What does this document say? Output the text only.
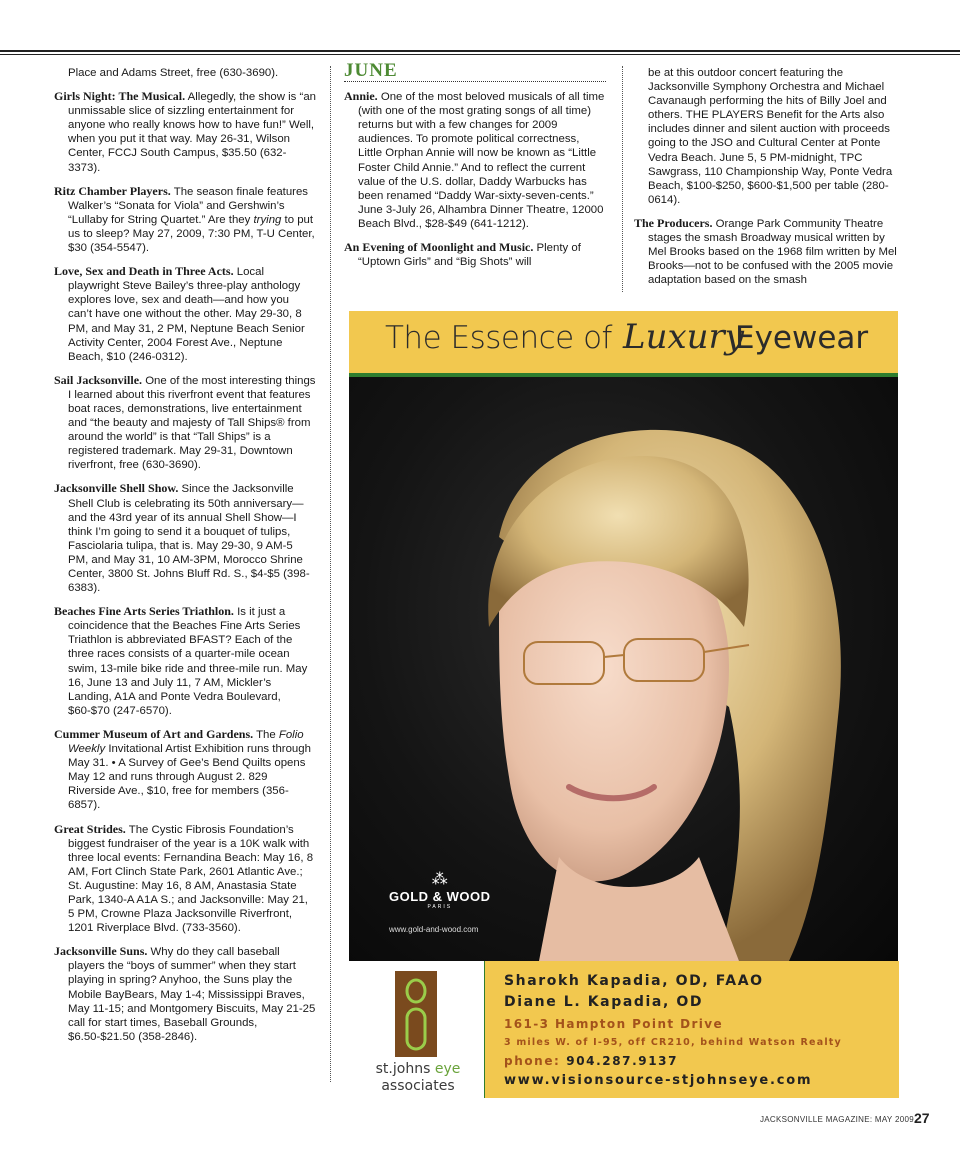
Place and Adams Street, free (630-3690).
Girls Night: The Musical. Allegedly, the show is “an unmissable slice of sizzling entertainment for anyone who really knows how to have fun!” Well, when you put it that way. May 26-31, Wilson Center, FCCJ South Campus, $35.50 (632-3373).
Ritz Chamber Players. The season finale features Walker’s “Sonata for Viola” and Gershwin’s “Lullaby for String Quartet.” Are they trying to put us to sleep? May 27, 2009, 7:30 PM, T-U Center, $30 (354-5547).
Love, Sex and Death in Three Acts. Local playwright Steve Bailey’s three-play anthology explores love, sex and death—and how you can’t have one without the other. May 29-30, 8 PM, and May 31, 2 PM, Neptune Beach Senior Activity Center, 2004 Forest Ave., Neptune Beach, $10 (246-0312).
Sail Jacksonville. One of the most interesting things I learned about this riverfront event that features boat races, demonstrations, live entertainment and “the beauty and majesty of Tall Ships® from around the world” is that “Tall Ships” is a registered trademark. May 29-31, Downtown riverfront, free (630-3690).
Jacksonville Shell Show. Since the Jacksonville Shell Club is celebrating its 50th anniversary—and the 43rd year of its annual Shell Show—I think I’m going to send it a bouquet of tulips, Fasciolaria tulipa, that is. May 29-30, 9 AM-5 PM, and May 31, 10 AM-3PM, Morocco Shrine Center, 3800 St. Johns Bluff Rd. S., $4-$5 (398-6383).
Beaches Fine Arts Series Triathlon. Is it just a coincidence that the Beaches Fine Arts Series Triathlon is abbreviated BFAST? Each of the three races consists of a quarter-mile ocean swim, 13-mile bike ride and three-mile run. May 16, June 13 and July 11, 7 AM, Mickler’s Landing, A1A and Ponte Vedra Boulevard, $60-$70 (247-6570).
Cummer Museum of Art and Gardens. The Folio Weekly Invitational Artist Exhibition runs through May 31. • A Survey of Gee’s Bend Quilts opens May 12 and runs through August 2. 829 Riverside Ave., $10, free for members (356-6857).
Great Strides. The Cystic Fibrosis Foundation’s biggest fundraiser of the year is a 10K walk with three local events: Fernandina Beach: May 16, 8 AM, Fort Clinch State Park, 2601 Atlantic Ave.; St. Augustine: May 16, 8 AM, Anastasia State Park, 1340-A A1A S.; and Jacksonville: May 21, 5 PM, Crowne Plaza Jacksonville Riverfront, 1201 Riverplace Blvd. (733-3560).
Jacksonville Suns. Why do they call baseball players the “boys of summer” when they start playing in spring? Anyhoo, the Suns play the Mobile BayBears, May 1-4; Mississippi Braves, May 11-15; and Montgomery Biscuits, May 21-25 call for start times, Baseball Grounds, $6.50-$21.50 (358-2846).
JUNE
Annie. One of the most beloved musicals of all time (with one of the most grating songs of all time) returns but with a few changes for 2009 audiences. To promote political correctness, Little Orphan Annie will now be known as “Little Foster Child Annie.” And to reflect the current value of the U.S. dollar, Daddy Warbucks has been renamed “Daddy War-sixty-seven-cents.” June 3-July 26, Alhambra Dinner Theatre, 12000 Beach Blvd., $28-$49 (641-1212).
An Evening of Moonlight and Music. Plenty of “Uptown Girls” and “Big Shots” will
be at this outdoor concert featuring the Jacksonville Symphony Orchestra and Michael Cavanaugh performing the hits of Billy Joel and others. THE PLAYERS Benefit for the Arts also includes dinner and silent auction with proceeds going to the JSO and Cultural Center at Ponte Vedra Beach. June 5, 5 PM-midnight, TPC Sawgrass, 110 Championship Way, Ponte Vedra Beach, $100-$250, $600-$1,500 per table (280-0614).
The Producers. Orange Park Community Theatre stages the smash Broadway musical written by Mel Brooks based on the 1968 film written by Mel Brooks—not to be confused with the 2005 movie adaptation based on the smash
The Essence of Luxury
Eyewear
⁂
GOLD & WOOD
PARIS
www.gold-and-wood.com
st.johns eye
associates
Sharokh Kapadia, OD, FAAO
Diane L. Kapadia, OD
161-3 Hampton Point Drive
3 miles W. of I-95, off CR210, behind Watson Realty
phone: 904.287.9137
www.visionsource-stjohnseye.com
JACKSONVILLE MAGAZINE: MAY 2009 27
